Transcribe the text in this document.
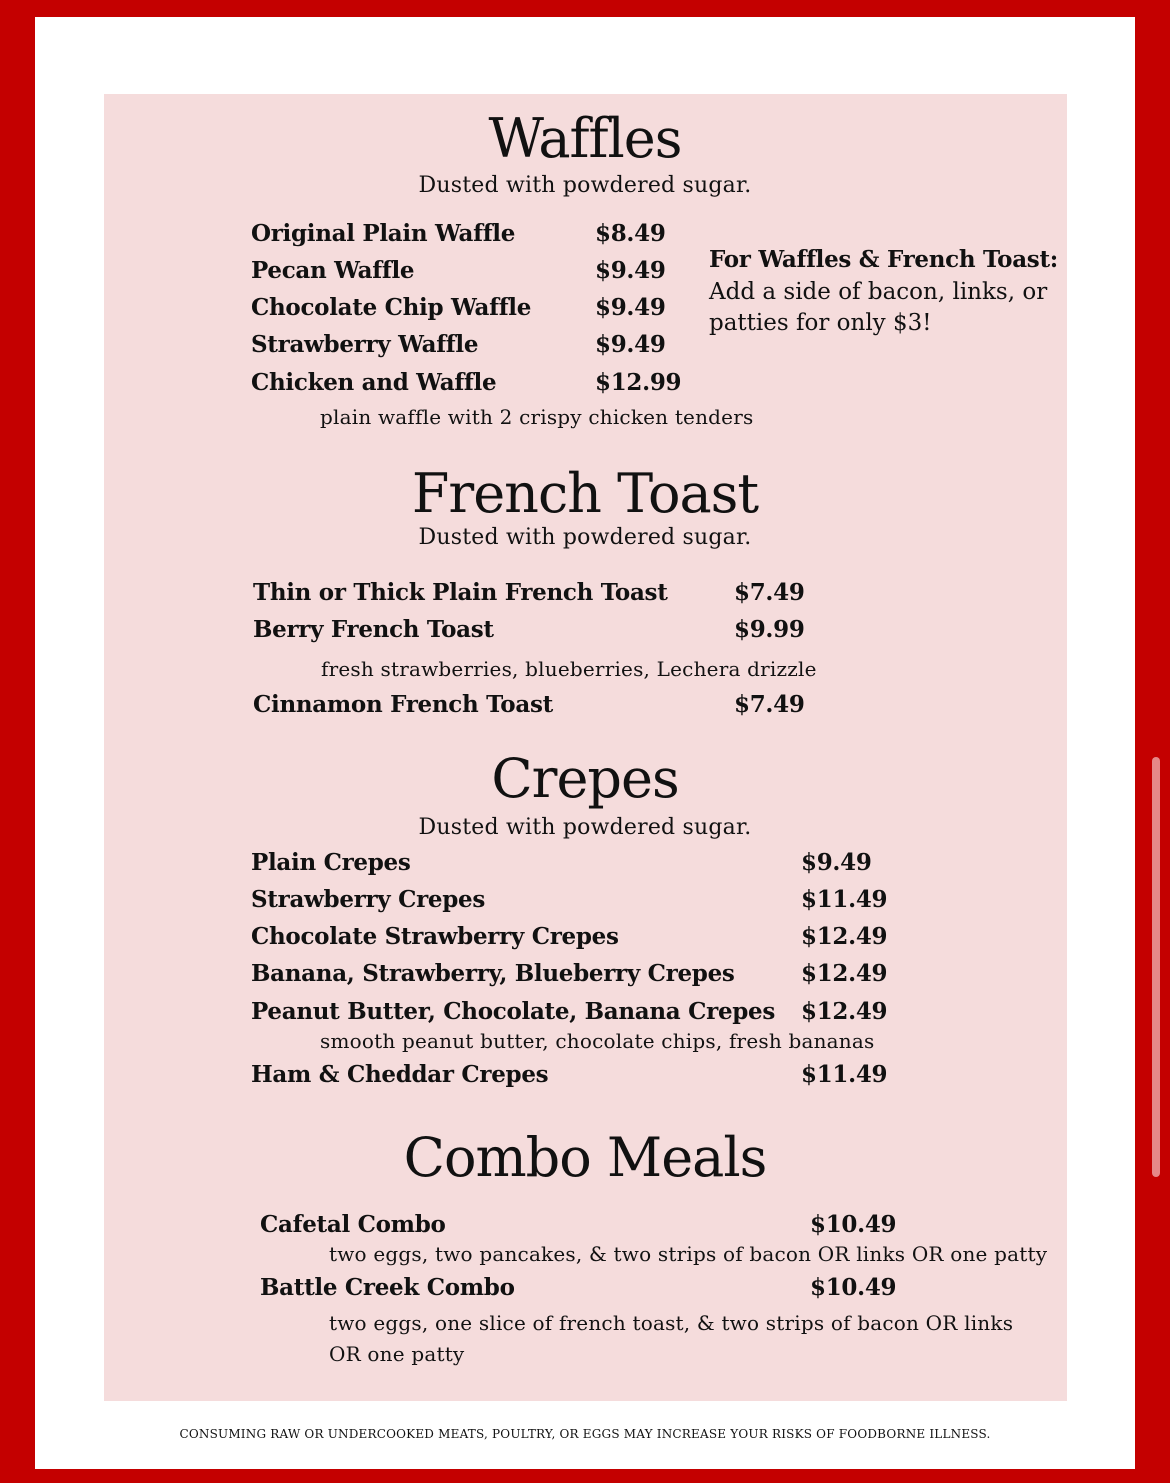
Waffles
Dusted with powdered sugar.
Original Plain Waffle	$8.49
Pecan Waffle	$9.49
Chocolate Chip Waffle	$9.49
Strawberry Waffle	$9.49
Chicken and Waffle	$12.99
plain waffle with 2 crispy chicken tenders
For Waffles & French Toast:
Add a side of bacon, links, or patties for only $3!
French Toast
Dusted with powdered sugar.
Thin or Thick Plain French Toast	$7.49
Berry French Toast	$9.99
fresh strawberries, blueberries, Lechera drizzle
Cinnamon French Toast	$7.49
Crepes
Dusted with powdered sugar.
Plain Crepes	$9.49
Strawberry Crepes	$11.49
Chocolate Strawberry Crepes	$12.49
Banana, Strawberry, Blueberry Crepes	$12.49
Peanut Butter, Chocolate, Banana Crepes $12.49
smooth peanut butter, chocolate chips, fresh bananas
Ham & Cheddar Crepes	$11.49
Combo Meals
Cafetal Combo	$10.49
two eggs, two pancakes, & two strips of bacon OR links OR one patty
Battle Creek Combo	$10.49
two eggs, one slice of french toast, & two strips of bacon OR links
OR one patty
CONSUMING RAW OR UNDERCOOKED MEATS, POULTRY, OR EGGS MAY INCREASE YOUR RISKS OF FOODBORNE ILLNESS.
